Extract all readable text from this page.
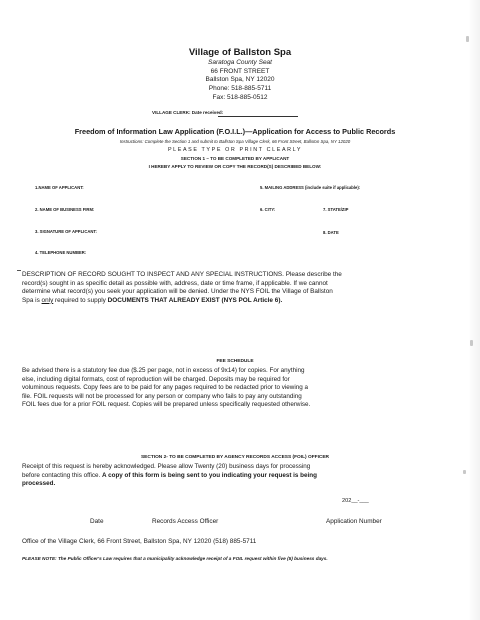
Village of Ballston Spa
Saratoga County Seat
66 FRONT STREET
Ballston Spa, NY 12020
Phone: 518-885-5711
Fax: 518-885-0512
VILLAGE CLERK: Date received:
Freedom of Information Law Application (F.O.I.L.)—Application for Access to Public Records
Instructions: Complete the Section 1 and submit to Ballston Spa Village Clerk, 66 Front Street, Ballston Spa, NY 12020
PLEASE TYPE OR PRINT CLEARLY
SECTION 1 – TO BE COMPLETED BY APPLICANT
I HEREBY APPLY TO REVIEW OR COPY THE RECORD(S) DESCRIBED BELOW:
1.NAME OF APPLICANT:	5. MAILING ADDRESS (include suite if applicable):
2. NAME OF BUSINESS FIRM:	6. CITY:	7. STATE/ZIP
3. SIGNATURE OF APPLICANT:	8. DATE
4. TELEPHONE NUMBER:

DESCRIPTION OF RECORD SOUGHT TO INSPECT AND ANY SPECIAL INSTRUCTIONS. Please describe the

record(s) sought in as specific detail as possible with, address, date or time frame, if applicable. If we cannot

determine what record(s) you seek your application will be denied. Under the NYS FOIL the Village of Ballston

Spa is only required to supply DOCUMENTS THAT ALREADY EXIST (NYS POL Article 6).

FEE SCHEDULE

Be advised there is a statutory fee due ($.25 per page, not in excess of 9x14) for copies. For anything

else, including digital formats, cost of reproduction will be charged. Deposits may be required for

voluminous requests. Copy fees are to be paid for any pages required to be redacted prior to viewing a

file. FOIL requests will not be processed for any person or company who fails to pay any outstanding

FOIL fees due for a prior FOIL request. Copies will be prepared unless specifically requested otherwise.

SECTION 2- TO BE COMPLETED BY AGENCY RECORDS ACCESS (FOIL) OFFICER

Receipt of this request is hereby acknowledged. Please allow Twenty (20) business days for processing

before contacting this office. A copy of this form is being sent to you indicating your request is being

processed.

202__-___
Date	Records Access Officer	Application Number
Office of the Village Clerk, 66 Front Street, Ballston Spa, NY 12020 (518) 885-5711
PLEASE NOTE: The Public Officer's Law requires that a municipality acknowledge receipt of a FOIL request within five (5) business days.
